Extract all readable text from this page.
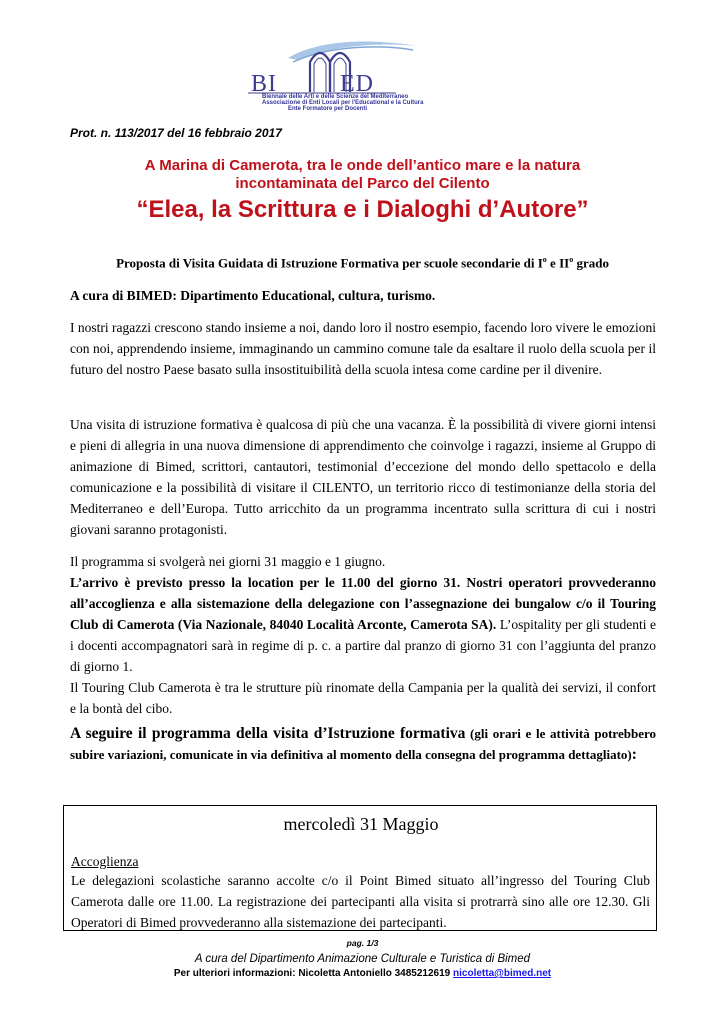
BI	ED
Biennale delle Arti e delle Scienze del Mediterraneo
Associazione di Enti Locali per l'Educational e la Cultura
Ente Formatore per Docenti
Prot. n. 113/2017 del 16 febbraio 2017
A Marina di Camerota, tra le onde dell’antico mare e la natura
incontaminata del Parco del Cilento
“Elea, la Scrittura e i Dialoghi d’Autore”
Proposta di Visita Guidata di Istruzione Formativa per scuole secondarie di $I^o$ e $II^o$ grado
A cura di BIMED: Dipartimento Educational, cultura, turismo.
I nostri ragazzi crescono stando insieme a noi, dando loro il nostro esempio, facendo loro vivere le emozioni con noi, apprendendo insieme, immaginando un cammino comune tale da esaltare il ruolo della scuola per il futuro del nostro Paese basato sulla insostituibilità della scuola intesa come cardine per il divenire.
Una visita di istruzione formativa è qualcosa di più che una vacanza. È la possibilità di vivere giorni intensi e pieni di allegria in una nuova dimensione di apprendimento che coinvolge i ragazzi, insieme al Gruppo di animazione di Bimed, scrittori, cantautori, testimonial d’eccezione del mondo dello spettacolo e della comunicazione e la possibilità di visitare il CILENTO, un territorio ricco di testimonianze della storia del Mediterraneo e dell’Europa. Tutto arricchito da un programma incentrato sulla scrittura di cui i nostri giovani saranno protagonisti.
Il programma si svolgerà nei giorni 31 maggio e 1 giugno.
L’arrivo è previsto presso la location per le 11.00 del giorno 31. Nostri operatori provvederanno all’accoglienza e alla sistemazione della delegazione con l’assegnazione dei bungalow c/o il Touring Club di Camerota (Via Nazionale, 84040 Località Arconte, Camerota SA). L’ospitality per gli studenti e i docenti accompagnatori sarà in regime di p. c. a partire dal pranzo di giorno 31 con l’aggiunta del pranzo di giorno 1.
Il Touring Club Camerota è tra le strutture più rinomate della Campania per la qualità dei servizi, il confort e la bontà del cibo.
A seguire il programma della visita d’Istruzione formativa (gli orari e le attività potrebbero subire variazioni, comunicate in via definitiva al momento della consegna del programma dettagliato):
mercoledì 31 Maggio
Accoglienza
Le delegazioni scolastiche saranno accolte c/o il Point Bimed situato all’ingresso del Touring Club Camerota dalle ore 11.00. La registrazione dei partecipanti alla visita si protrarrà sino alle ore 12.30. Gli Operatori di Bimed provvederanno alla sistemazione dei partecipanti.
pag. 1/3
A cura del Dipartimento Animazione Culturale e Turistica di Bimed
Per ulteriori informazioni: Nicoletta Antoniello 3485212619 nicoletta@bimed.net
